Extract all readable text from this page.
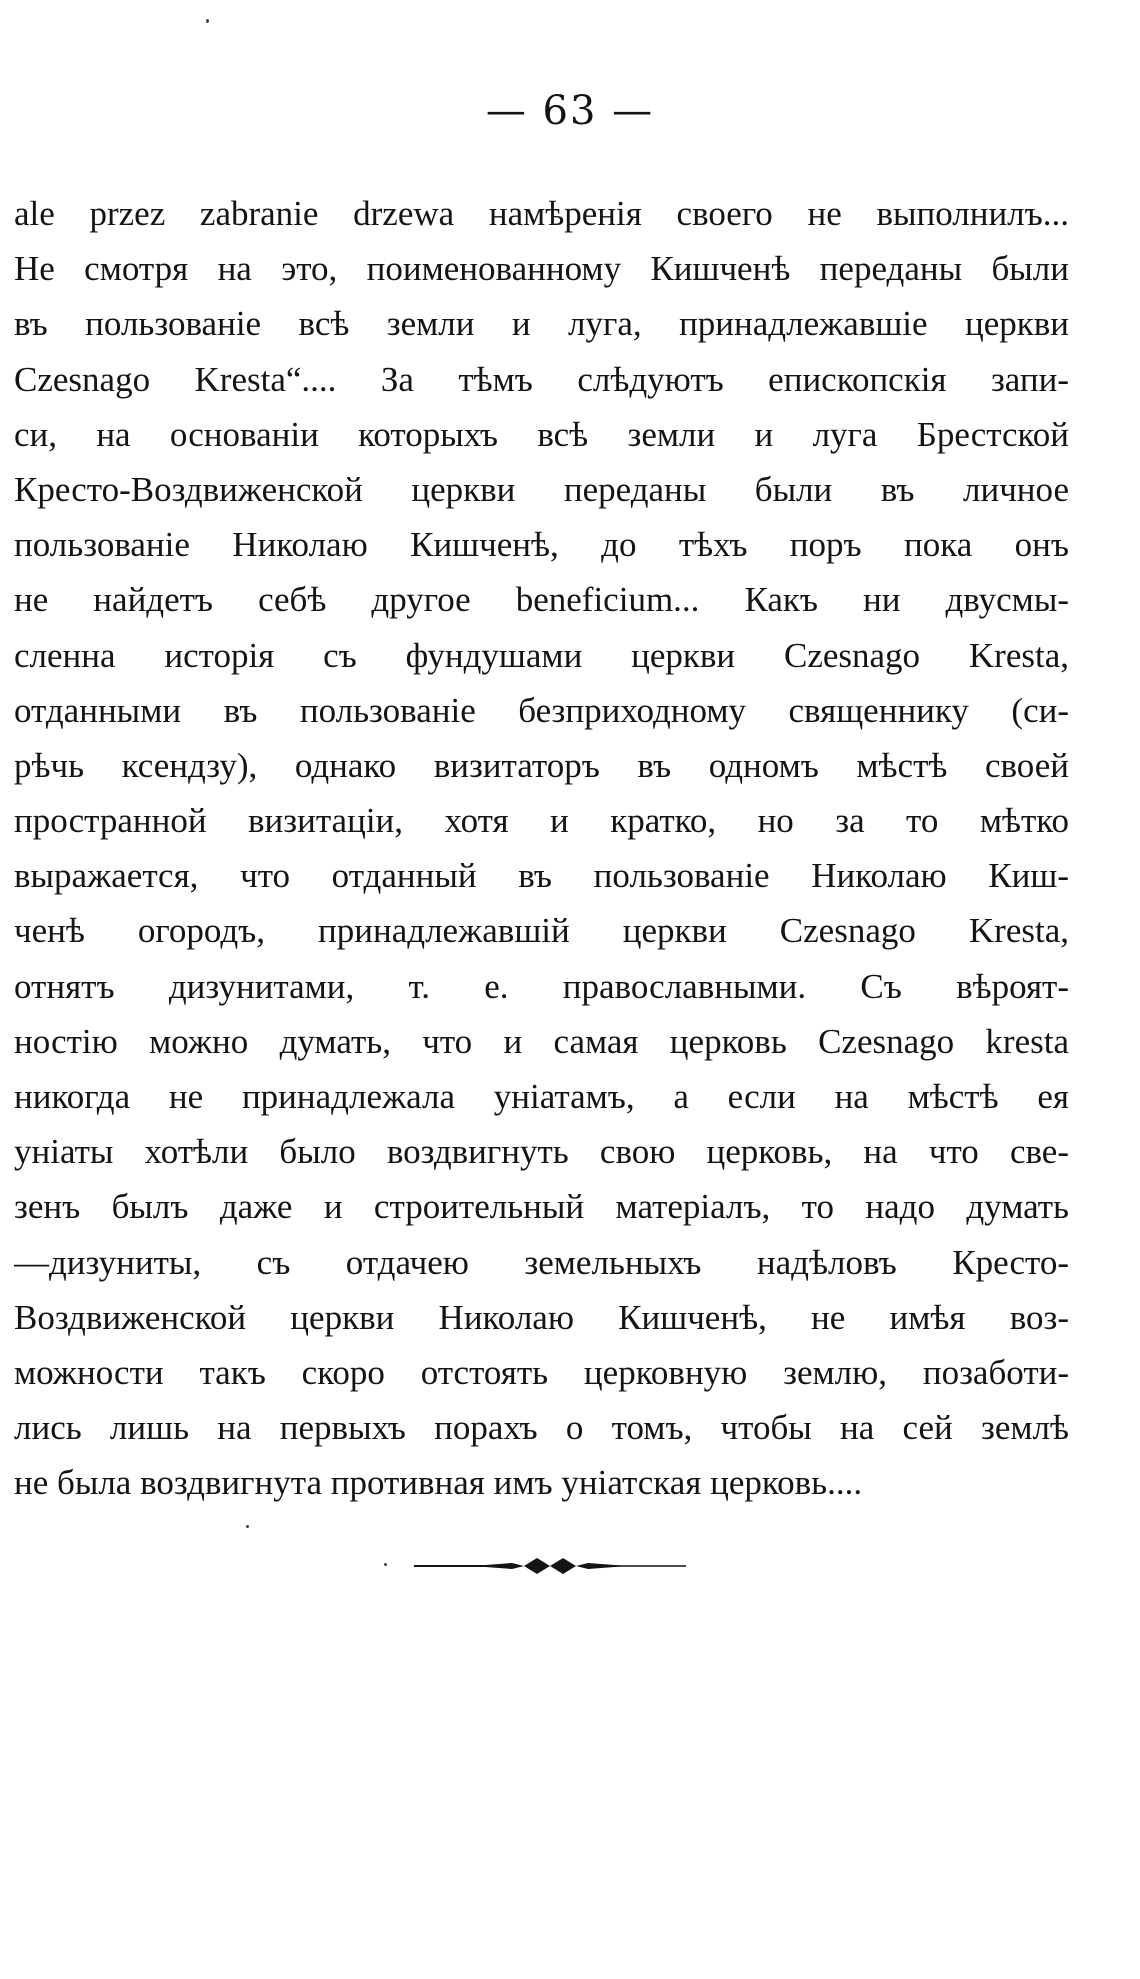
— 63 —
ale przez zabranie drzewa намѣренія своего не выполнилъ...
Не смотря на это, поименованному Кишченѣ переданы были
въ пользованіе всѣ земли и луга, принадлежавшіе церкви
Czesnago Kresta“.... За тѣмъ слѣдуютъ епископскія запи-
си, на основаніи которыхъ всѣ земли и луга Брестской
Кресто-Воздвиженской церкви переданы были въ личное
пользованіе Николаю Кишченѣ, до тѣхъ поръ пока онъ
не найдетъ себѣ другое beneficium... Какъ ни двусмы-
сленна исторія съ фундушами церкви Czesnago Kresta,
отданными въ пользованіе безприходному священнику (си-
рѣчь ксендзу), однако визитаторъ въ одномъ мѣстѣ своей
пространной визитаціи, хотя и кратко, но за то мѣтко
выражается, что отданный въ пользованіе Николаю Киш-
ченѣ огородъ, принадлежавшій церкви Czesnago Kresta,
отнятъ дизунитами, т. е. православными. Съ вѣроят-
ностію можно думать, что и самая церковь Czesnago kresta
никогда не принадлежала уніатамъ, а если на мѣстѣ ея
уніаты хотѣли было воздвигнуть свою церковь, на что све-
зенъ былъ даже и строительный матеріалъ, то надо думать
—дизуниты, съ отдачею земельныхъ надѣловъ Кресто-
Воздвиженской церкви Николаю Кишченѣ, не имѣя воз-
можности такъ скоро отстоять церковную землю, позаботи-
лись лишь на первыхъ порахъ о томъ, чтобы на сей землѣ
не была воздвигнута противная имъ уніатская церковь....
